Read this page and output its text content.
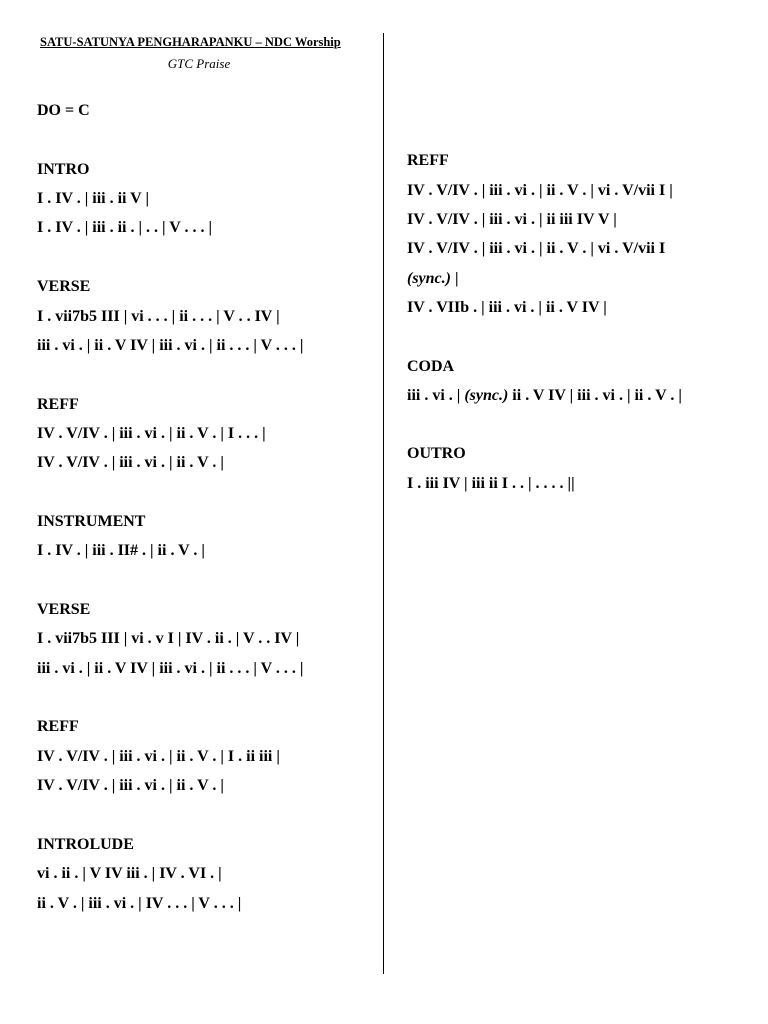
SATU-SATUNYA PENGHARAPANKU – NDC Worship
GTC Praise
DO = C
INTRO
I . IV . | iii . ii V |
I . IV . | iii . ii . | . . | V . . . |
VERSE
I . vii7b5 III | vi . . . | ii . . . | V . . IV |
iii . vi . | ii . V IV | iii . vi . | ii . . . | V . . . |
REFF
IV . V/IV . | iii . vi . | ii . V . | I . . . |
IV . V/IV . | iii . vi . | ii . V . |
INSTRUMENT
I . IV . | iii . II# . | ii . V . |
VERSE
I . vii7b5 III | vi . v I | IV . ii . | V . . IV |
iii . vi . | ii . V IV | iii . vi . | ii . . . | V . . . |
REFF
IV . V/IV . | iii . vi . | ii . V . | I . ii iii |
IV . V/IV . | iii . vi . | ii . V . |
INTROLUDE
vi . ii . | V IV iii . | IV . VI . |
ii . V . | iii . vi . | IV . . . | V . . . |
REFF
IV . V/IV . | iii . vi . | ii . V . | vi . V/vii I |
IV . V/IV . | iii . vi . | ii iii IV V |
IV . V/IV . | iii . vi . | ii . V . | vi . V/vii I
(sync.) |
IV . VIIb . | iii . vi . | ii . V IV |
CODA
iii . vi . | (sync.) ii . V IV | iii . vi . | ii . V . |
OUTRO
I . iii IV | iii ii I . . | . . . . ||
